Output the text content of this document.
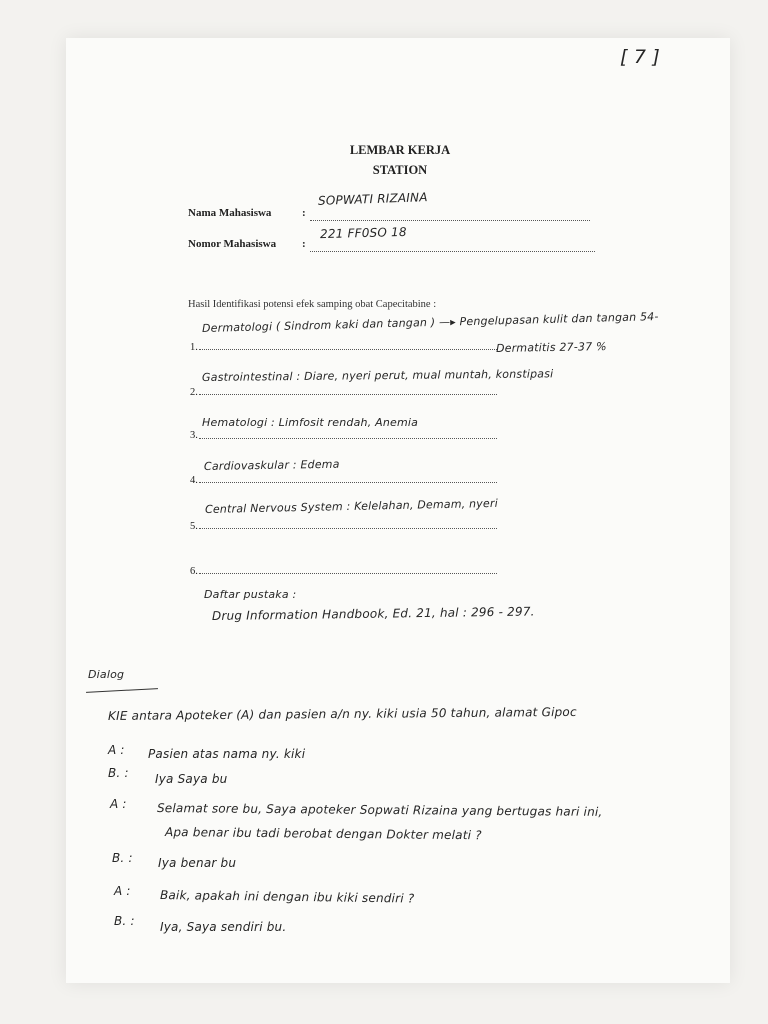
[ 7 ]
LEMBAR KERJA
STATION
Nama Mahasiswa	:
SOPWATI RIZAINA
Nomor Mahasiswa :
221 FF0SO 18
Hasil Identifikasi potensi efek samping obat Capecitabine :
1.
Dermatologi ( Sindrom kaki dan tangan ) —▸ Pengelupasan kulit dan tangan 54-
Dermatitis 27-37 %
2.
Gastrointestinal : Diare, nyeri perut, mual muntah, konstipasi
3.
Hematologi : Limfosit rendah, Anemia
4.
Cardiovaskular : Edema
5.
Central Nervous System : Kelelahan, Demam, nyeri
6.
Daftar pustaka :
Drug Information Handbook, Ed. 21, hal : 296 - 297.
Dialog
KIE antara Apoteker (A) dan pasien a/n ny. kiki usia 50 tahun, alamat Gipoc
A : Pasien atas nama ny. kiki
B. : Iya Saya bu
A :	Selamat sore bu, Saya apoteker Sopwati Rizaina yang bertugas hari ini,
Apa benar ibu tadi berobat dengan Dokter melati ?
B. : Iya benar bu
A : Baik, apakah ini dengan ibu kiki sendiri ?
B. : Iya, Saya sendiri bu.
